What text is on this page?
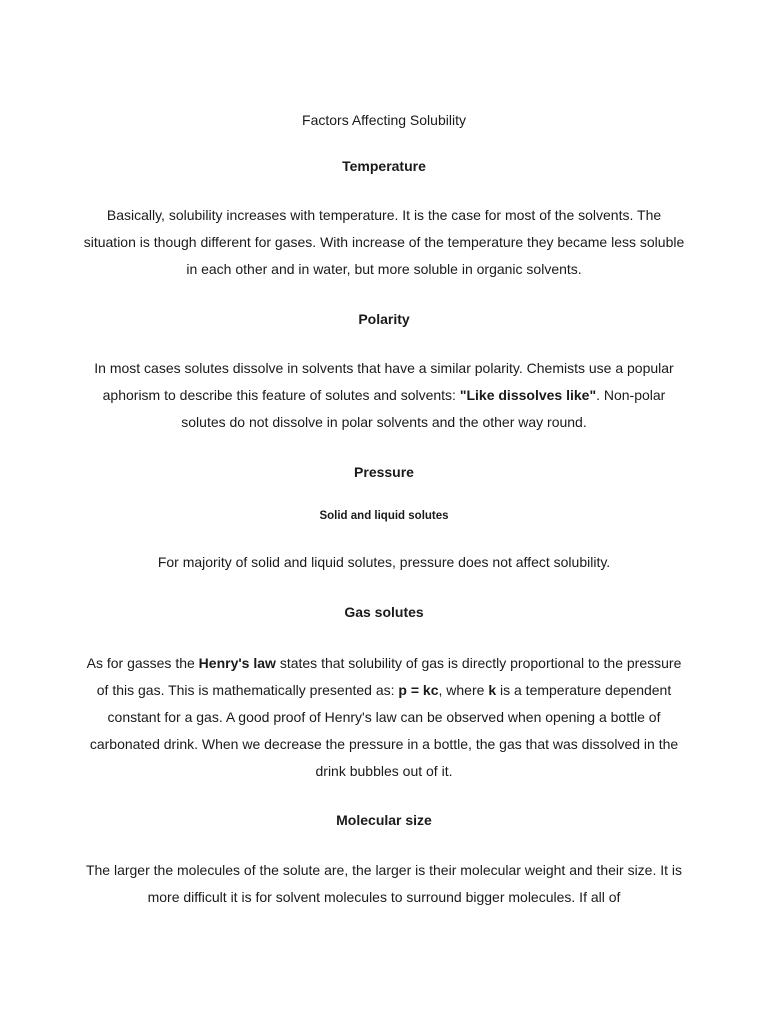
Factors Affecting Solubility
Temperature

Basically, solubility increases with temperature. It is the case for most of the solvents. The situation is though different for gases. With increase of the temperature they became less soluble in each other and in water, but more soluble in organic solvents.

Polarity

In most cases solutes dissolve in solvents that have a similar polarity. Chemists use a popular aphorism to describe this feature of solutes and solvents: "Like dissolves like". Non-polar solutes do not dissolve in polar solvents and the other way round.

Pressure
Solid and liquid solutes

For majority of solid and liquid solutes, pressure does not affect solubility.

Gas solutes

As for gasses the Henry's law states that solubility of gas is directly proportional to the pressure of this gas. This is mathematically presented as: p = kc, where k is a temperature dependent constant for a gas. A good proof of Henry's law can be observed when opening a bottle of carbonated drink. When we decrease the pressure in a bottle, the gas that was dissolved in the drink bubbles out of it.

Molecular size

The larger the molecules of the solute are, the larger is their molecular weight and their size. It is more difficult it is for solvent molecules to surround bigger molecules. If all of
